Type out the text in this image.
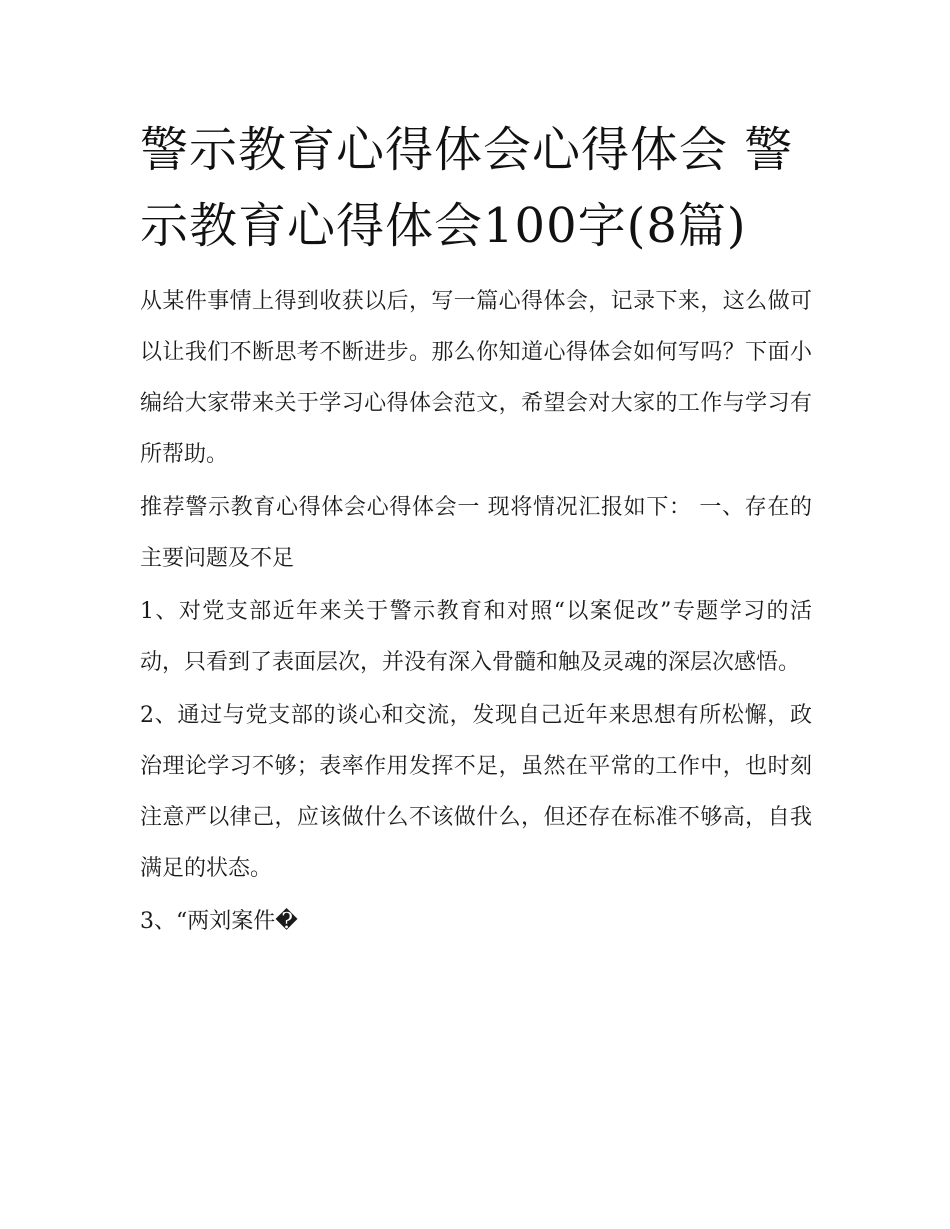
警示教育心得体会心得体会 警示教育心得体会100字(8篇)

从某件事情上得到收获以后，写一篇心得体会，记录下来，这么做可以让我们不断思考不断进步。那么你知道心得体会如何写吗？下面小编给大家带来关于学习心得体会范文，希望会对大家的工作与学习有所帮助。

推荐警示教育心得体会心得体会一 现将情况汇报如下： 一、存在的主要问题及不足

1、对党支部近年来关于警示教育和对照“以案促改”专题学习的活动，只看到了表面层次，并没有深入骨髓和触及灵魂的深层次感悟。

2、通过与党支部的谈心和交流，发现自己近年来思想有所松懈，政治理论学习不够；表率作用发挥不足，虽然在平常的工作中，也时刻注意严以律己，应该做什么不该做什么，但还存在标准不够高，自我满足的状态。

3、“两刘案件�
